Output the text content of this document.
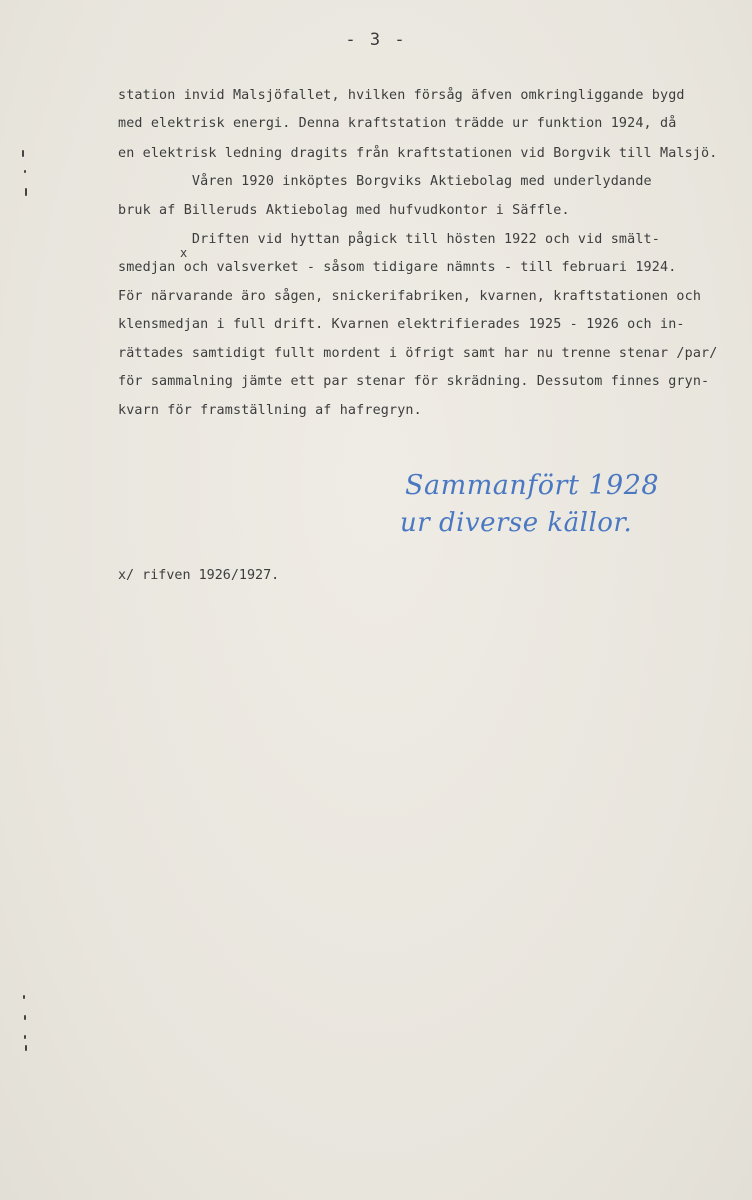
- 3 -
station invid Malsjöfallet, hvilken försåg äfven omkringliggande bygd
med elektrisk energi. Denna kraftstation trädde ur funktion 1924, då
en elektrisk ledning dragits från kraftstationen vid Borgvik till Malsjö.
Våren 1920 inköptes Borgviks Aktiebolag med underlydande
bruk af Billeruds Aktiebolag med hufvudkontor i Säffle.
Driften vid hyttan pågick till hösten 1922 och vid smält-
x
smedjan och valsverket - såsom tidigare nämnts - till februari 1924.
För närvarande äro sågen, snickerifabriken, kvarnen, kraftstationen och
klensmedjan i full drift. Kvarnen elektrifierades 1925 - 1926 och in-
rättades samtidigt fullt mordent i öfrigt samt har nu trenne stenar /par/
för sammalning jämte ett par stenar för skrädning. Dessutom finnes gryn-
kvarn för framställning af hafregryn.
Sammanfört 1928
ur diverse källor.
x/ rifven 1926/1927.
